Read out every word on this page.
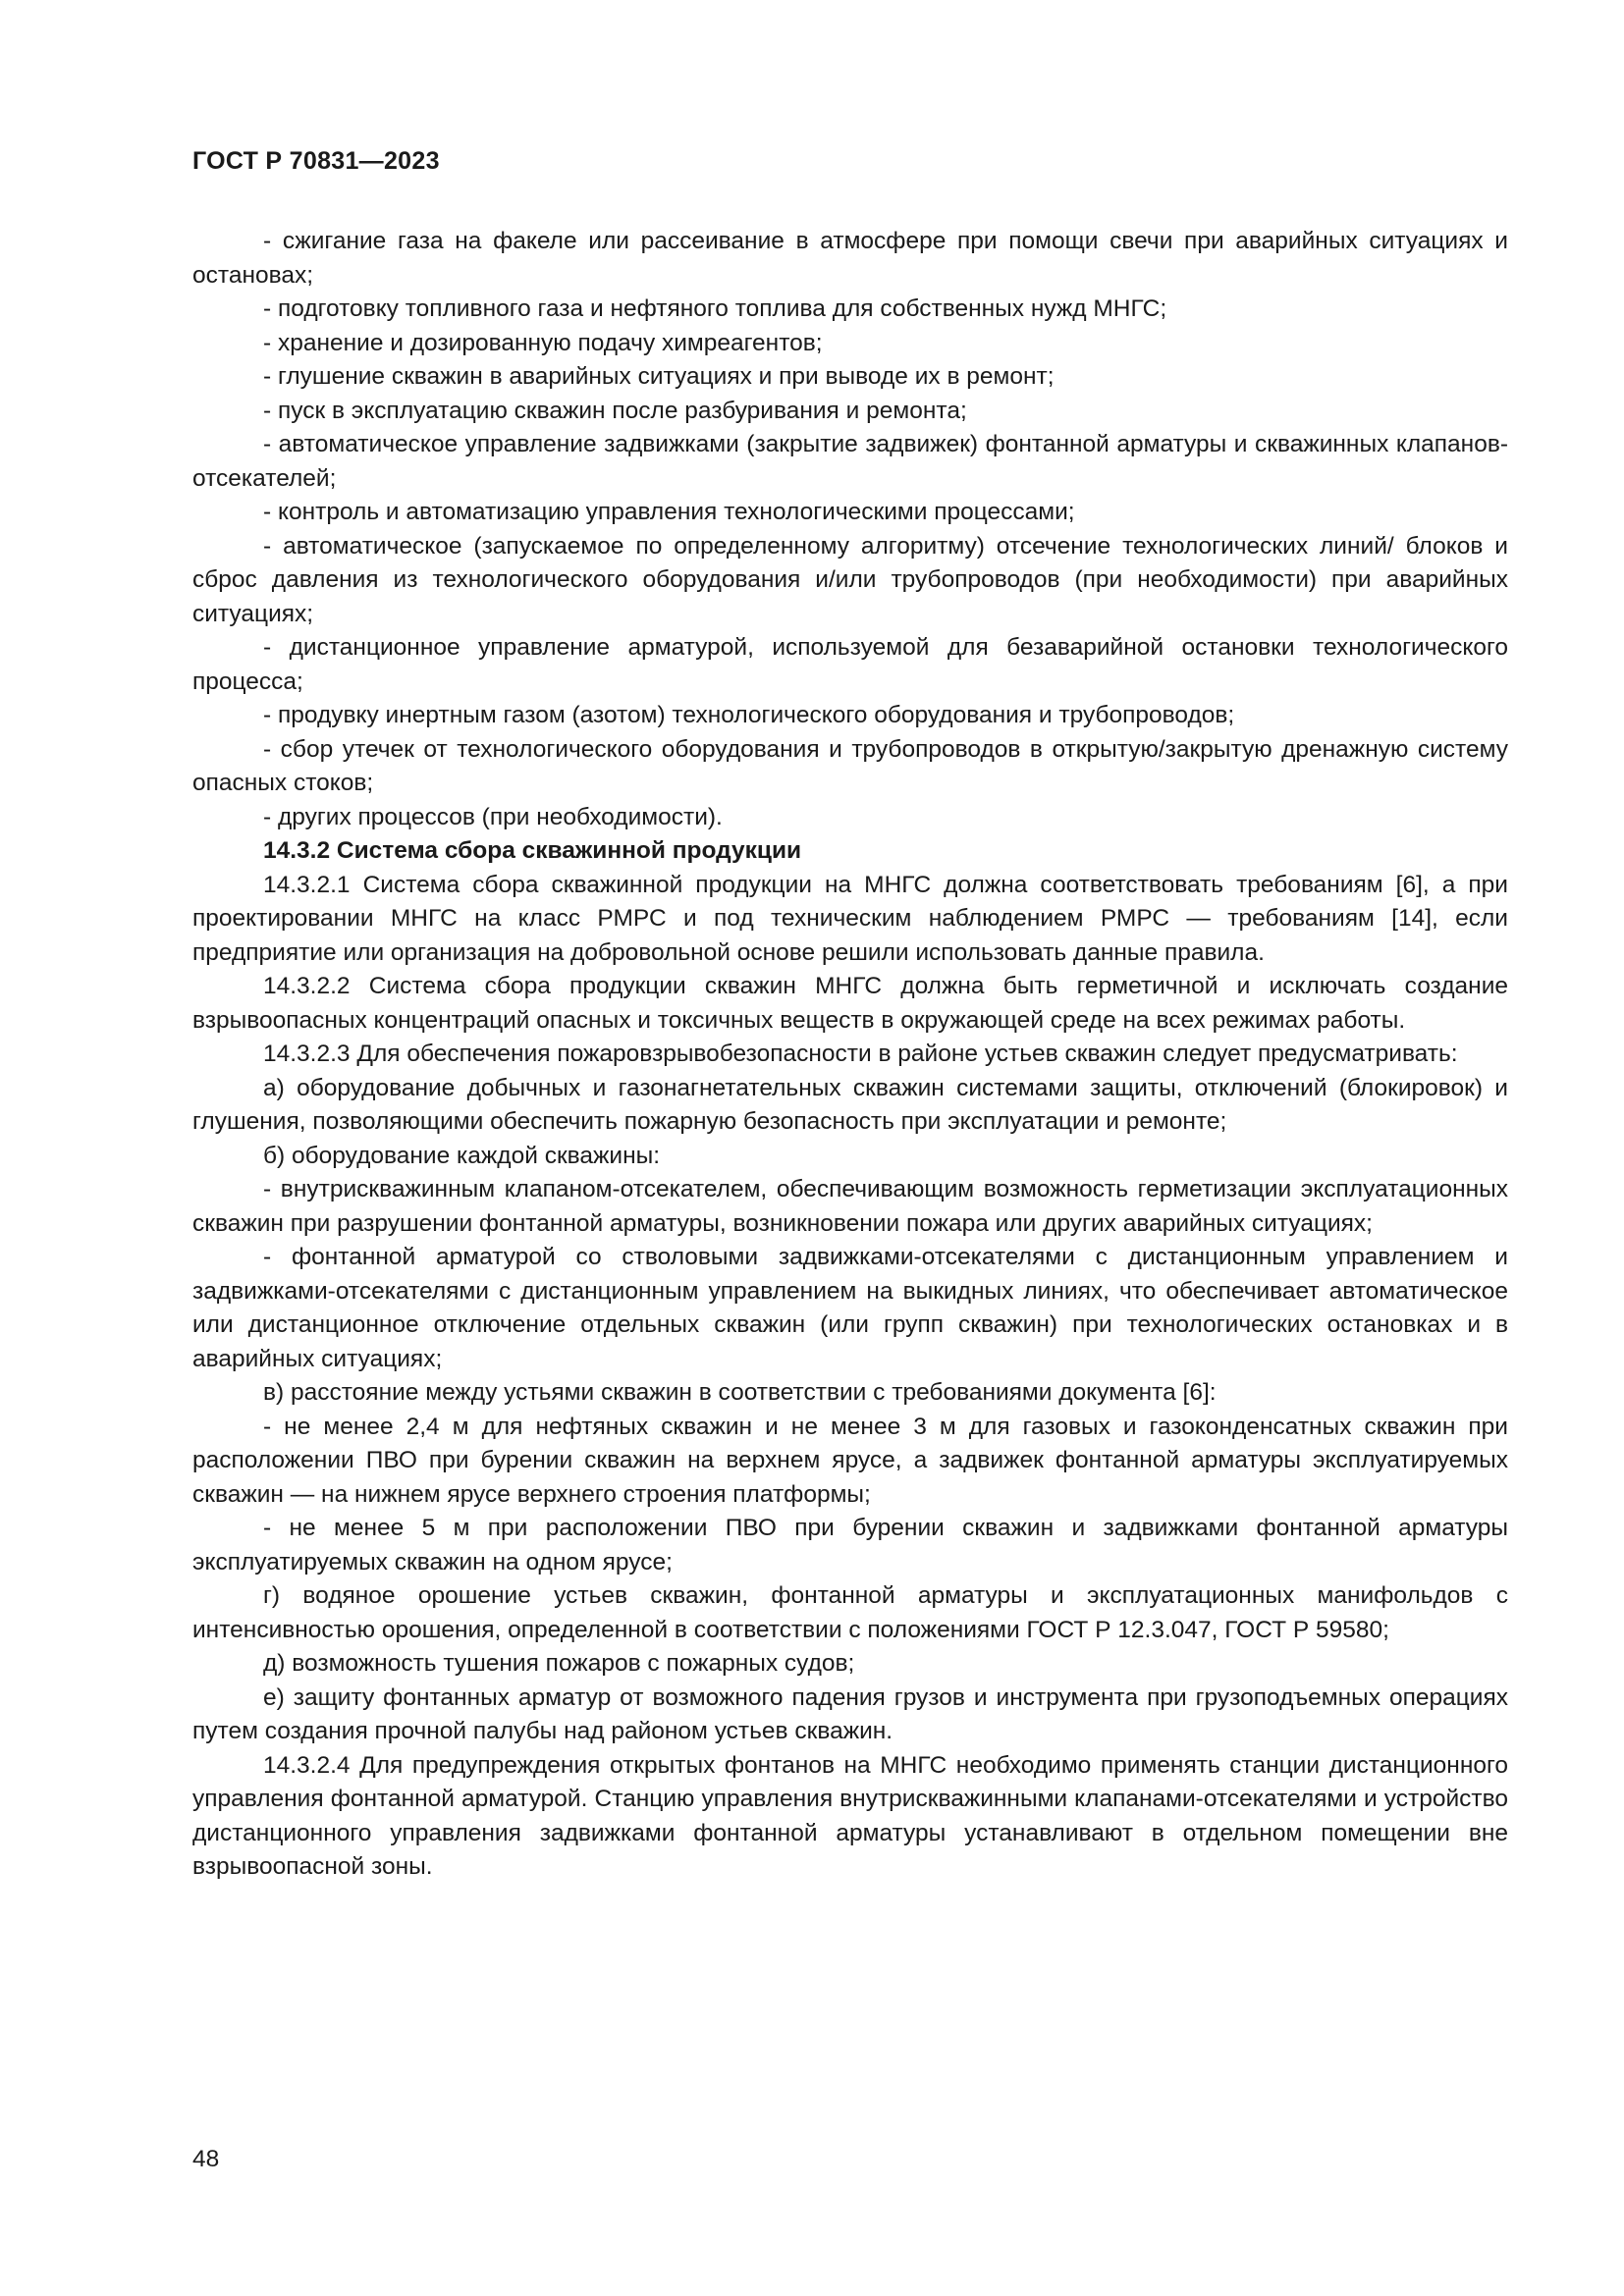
ГОСТ Р 70831—2023

- сжигание газа на факеле или рассеивание в атмосфере при помощи свечи при аварийных ситуациях и остановах;

- подготовку топливного газа и нефтяного топлива для собственных нужд МНГС;

- хранение и дозированную подачу химреагентов;

- глушение скважин в аварийных ситуациях и при выводе их в ремонт;

- пуск в эксплуатацию скважин после разбуривания и ремонта;

- автоматическое управление задвижками (закрытие задвижек) фонтанной арматуры и скважинных клапанов-отсекателей;

- контроль и автоматизацию управления технологическими процессами;

- автоматическое (запускаемое по определенному алгоритму) отсечение технологических линий/ блоков и сброс давления из технологического оборудования и/или трубопроводов (при необходимости) при аварийных ситуациях;

- дистанционное управление арматурой, используемой для безаварийной остановки технологического процесса;

- продувку инертным газом (азотом) технологического оборудования и трубопроводов;

- сбор утечек от технологического оборудования и трубопроводов в открытую/закрытую дренажную систему опасных стоков;

- других процессов (при необходимости).

14.3.2 Система сбора скважинной продукции

14.3.2.1 Система сбора скважинной продукции на МНГС должна соответствовать требованиям [6], а при проектировании МНГС на класс РМРС и под техническим наблюдением РМРС — требованиям [14], если предприятие или организация на добровольной основе решили использовать данные правила.

14.3.2.2 Система сбора продукции скважин МНГС должна быть герметичной и исключать создание взрывоопасных концентраций опасных и токсичных веществ в окружающей среде на всех режимах работы.

14.3.2.3 Для обеспечения пожаровзрывобезопасности в районе устьев скважин следует предусматривать:

а) оборудование добычных и газонагнетательных скважин системами защиты, отключений (блокировок) и глушения, позволяющими обеспечить пожарную безопасность при эксплуатации и ремонте;

б) оборудование каждой скважины:

- внутрискважинным клапаном-отсекателем, обеспечивающим возможность герметизации эксплуатационных скважин при разрушении фонтанной арматуры, возникновении пожара или других аварийных ситуациях;

- фонтанной арматурой со стволовыми задвижками-отсекателями с дистанционным управлением и задвижками-отсекателями с дистанционным управлением на выкидных линиях, что обеспечивает автоматическое или дистанционное отключение отдельных скважин (или групп скважин) при технологических остановках и в аварийных ситуациях;

в) расстояние между устьями скважин в соответствии с требованиями документа [6]:

- не менее 2,4 м для нефтяных скважин и не менее 3 м для газовых и газоконденсатных скважин при расположении ПВО при бурении скважин на верхнем ярусе, а задвижек фонтанной арматуры эксплуатируемых скважин — на нижнем ярусе верхнего строения платформы;

- не менее 5 м при расположении ПВО при бурении скважин и задвижками фонтанной арматуры эксплуатируемых скважин на одном ярусе;

г) водяное орошение устьев скважин, фонтанной арматуры и эксплуатационных манифольдов с интенсивностью орошения, определенной в соответствии с положениями ГОСТ Р 12.3.047, ГОСТ Р 59580;

д) возможность тушения пожаров с пожарных судов;

е) защиту фонтанных арматур от возможного падения грузов и инструмента при грузоподъемных операциях путем создания прочной палубы над районом устьев скважин.

14.3.2.4 Для предупреждения открытых фонтанов на МНГС необходимо применять станции дистанционного управления фонтанной арматурой. Станцию управления внутрискважинными клапанами-отсекателями и устройство дистанционного управления задвижками фонтанной арматуры устанавливают в отдельном помещении вне взрывоопасной зоны.

48
